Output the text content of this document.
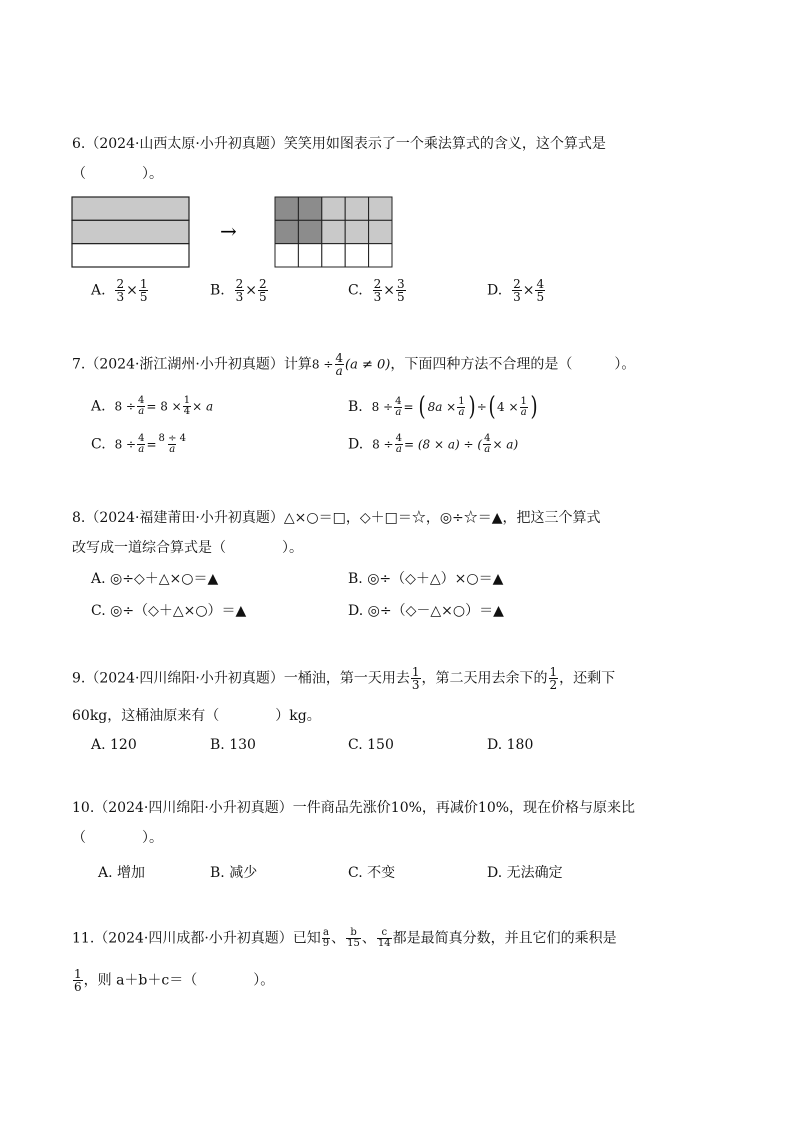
6.（2024·山西太原·小升初真题）笑笑用如图表示了一个乘法算式的含义，这个算式是
（　　　　）。
→
A. $\frac{2}{3} \times \frac{1}{5}$	B. $\frac{2}{3} \times \frac{2}{5}$	C. $\frac{2}{3} \times \frac{3}{5}$	D. $\frac{2}{3} \times \frac{4}{5}$
7.（2024·浙江湖州·小升初真题）计算$8 \div \frac{4}{a} (a \ne 0)$，下面四种方法不合理的是（　　　）。
A. $8 \div \frac{4}{a} = 8 \times \frac{1}{4} \times a$	B. $8 \div \frac{4}{a}$ = ( $8a \times \frac{1}{a}$ ) ÷( $4 \times \frac{1}{a}$ )
C. $8 \div \frac{4}{a} = \frac{8 \div 4}{a}$	D. $8 \div \frac{4}{a} = (8 \times a)$ ÷ ( $\frac{4}{a} \times a$)
8.（2024·福建莆田·小升初真题）△×○＝□，◇＋□＝☆，◎÷☆＝▲，把这三个算式
改写成一道综合算式是（　　　　）。
A. ◎÷◇＋△×○＝▲	B. ◎÷（◇＋△）×○＝▲
C. ◎÷（◇＋△×○）＝▲	D. ◎÷（◇－△×○）＝▲
9.（2024·四川绵阳·小升初真题）一桶油，第一天用去 $\frac{1}{3}$ ，第二天用去余下的 $\frac{1}{2}$ ，还剩下
60kg，这桶油原来有（　　　　）kg。
A. 120	B. 130	C. 150	D. 180
10.（2024·四川绵阳·小升初真题）一件商品先涨价10%，再减价10%，现在价格与原来比
（　　　　）。
A. 增加	B. 减少	C. 不变	D. 无法确定
11.（2024·四川成都·小升初真题）已知 $\frac{a}{9}$ 、 $\frac{b}{15}$ 、 $\frac{c}{14}$ 都是最简真分数，并且它们的乘积是
$\frac{1}{6}$ ，则 a＋b＋c＝（　　　　）。
